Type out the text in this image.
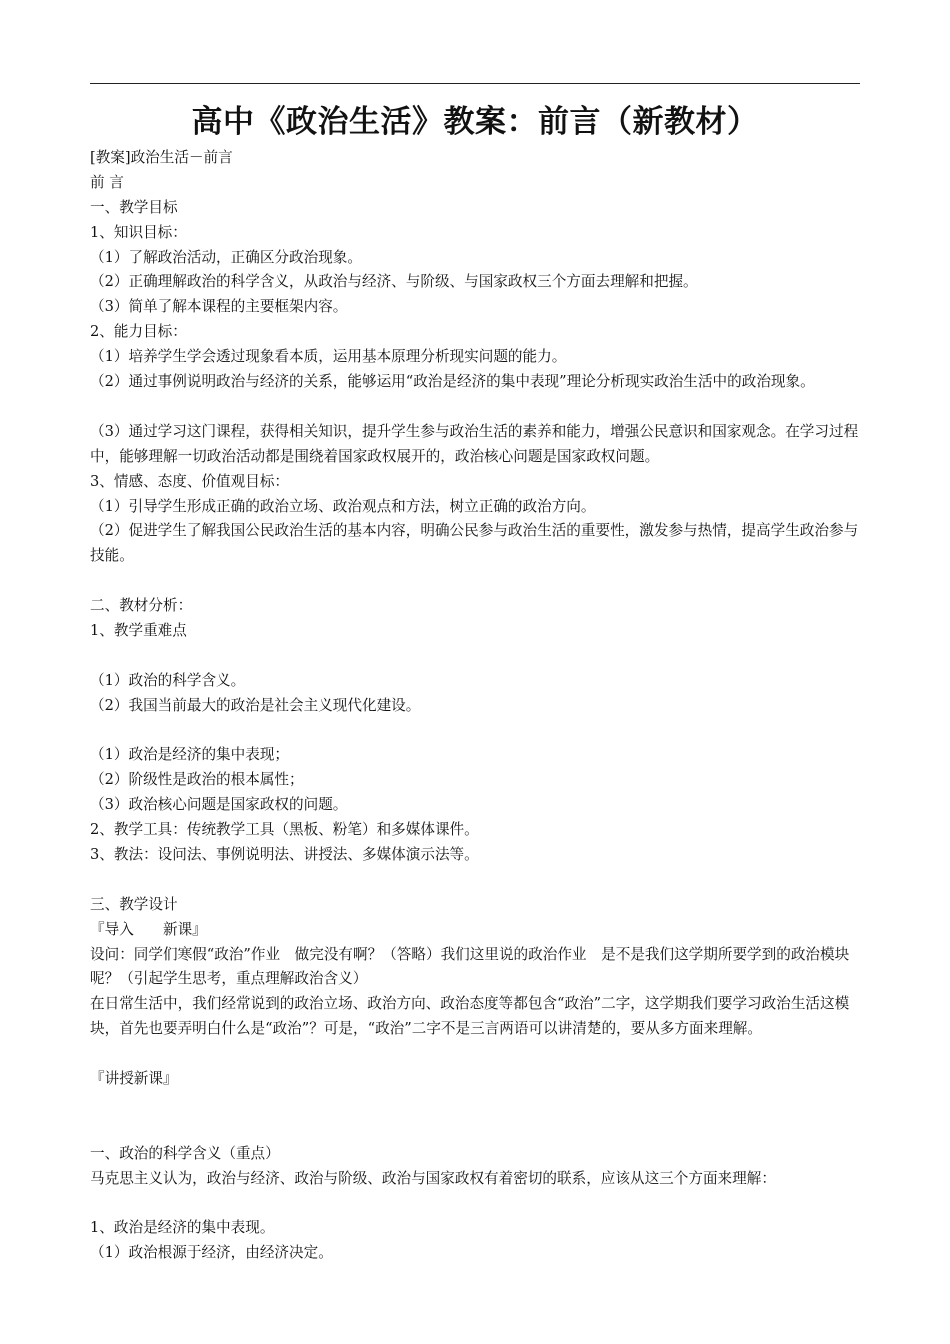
高中《政治生活》教案：前言（新教材）
[教案]政治生活－前言
前 言
一、教学目标
1、知识目标：
（1）了解政治活动，正确区分政治现象。
（2）正确理解政治的科学含义，从政治与经济、与阶级、与国家政权三个方面去理解和把握。
（3）简单了解本课程的主要框架内容。
2、能力目标：
（1）培养学生学会透过现象看本质，运用基本原理分析现实问题的能力。
（2）通过事例说明政治与经济的关系，能够运用“政治是经济的集中表现”理论分析现实政治生活中的政治现象。
（3）通过学习这门课程，获得相关知识，提升学生参与政治生活的素养和能力，增强公民意识和国家观念。在学习过程中，能够理解一切政治活动都是围绕着国家政权展开的，政治核心问题是国家政权问题。
3、情感、态度、价值观目标：
（1）引导学生形成正确的政治立场、政治观点和方法，树立正确的政治方向。
（2）促进学生了解我国公民政治生活的基本内容，明确公民参与政治生活的重要性，激发参与热情，提高学生政治参与技能。
二、教材分析：
1、教学重难点
（1）政治的科学含义。
（2）我国当前最大的政治是社会主义现代化建设。
（1）政治是经济的集中表现；
（2）阶级性是政治的根本属性；
（3）政治核心问题是国家政权的问题。
2、教学工具：传统教学工具（黑板、粉笔）和多媒体课件。
3、教法：设问法、事例说明法、讲授法、多媒体演示法等。
三、教学设计
『导入　　新课』
设问：同学们寒假“政治”作业　做完没有啊？（答略）我们这里说的政治作业　是不是我们这学期所要学到的政治模块呢？（引起学生思考，重点理解政治含义）
在日常生活中，我们经常说到的政治立场、政治方向、政治态度等都包含“政治”二字，这学期我们要学习政治生活这模块，首先也要弄明白什么是“政治”？可是，“政治”二字不是三言两语可以讲清楚的，要从多方面来理解。
『讲授新课』
一、政治的科学含义（重点）
马克思主义认为，政治与经济、政治与阶级、政治与国家政权有着密切的联系，应该从这三个方面来理解：
1、政治是经济的集中表现。
（1）政治根源于经济，由经济决定。
